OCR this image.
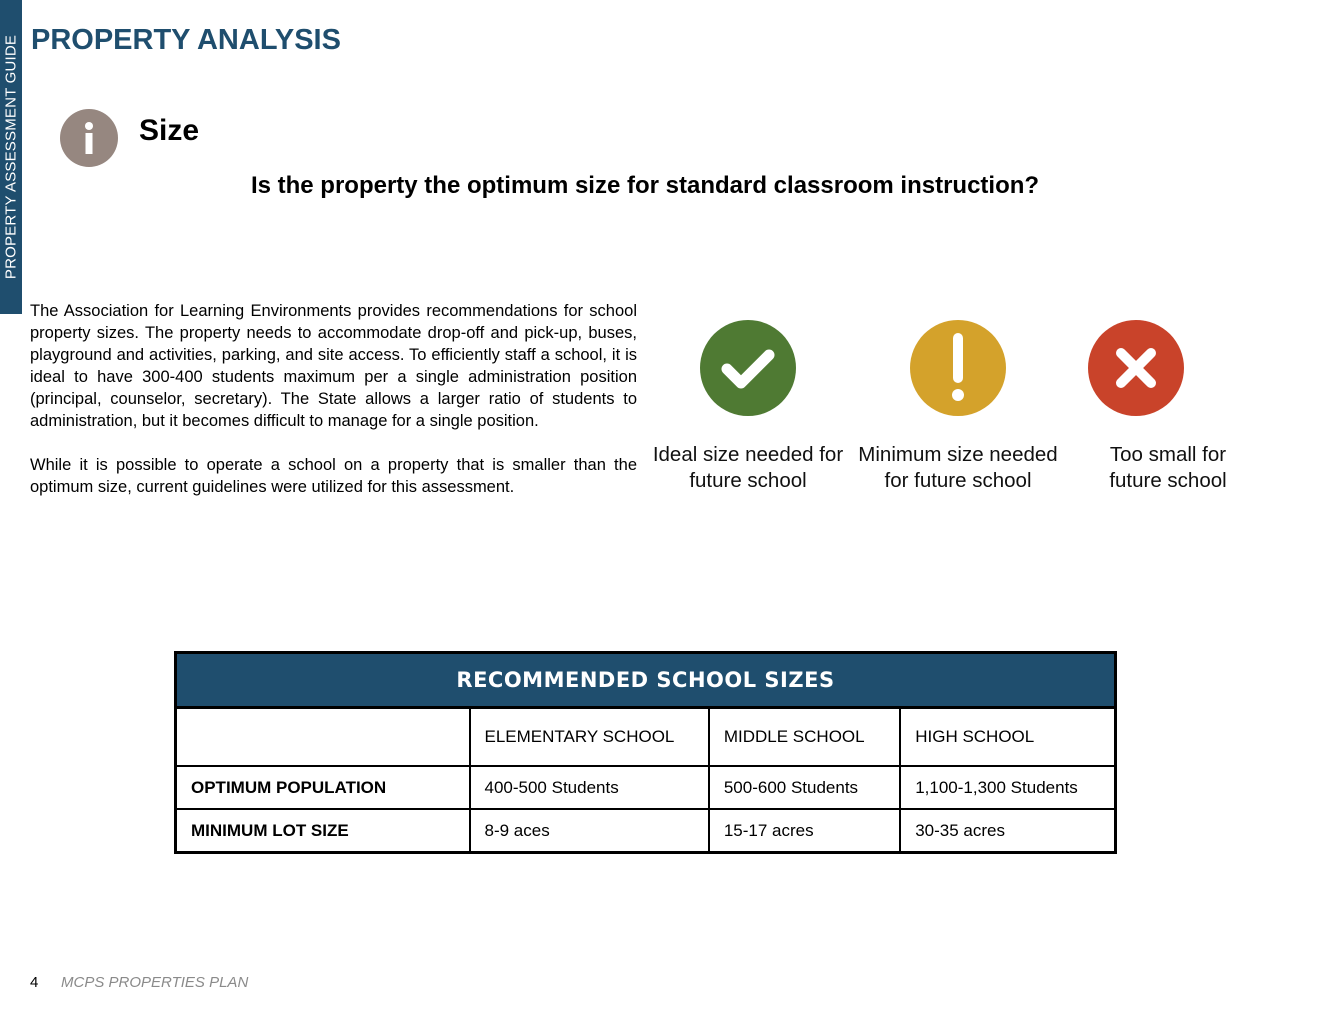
PROPERTY ASSESSMENT GUIDE PROPERTY ANALYSIS
Size

Is the property the optimum size for standard classroom instruction?

The Association for Learning Environments provides recommendations for school property sizes. The property needs to accommodate drop-off and pick-up, buses, playground and activities, parking, and site access. To efficiently staff a school, it is ideal to have 300-400 students maximum per a single administration position (principal, counselor, secretary). The State allows a larger ratio of students to administration, but it becomes difficult to manage for a single position.

While it is possible to operate a school on a property that is smaller than the optimum size, current guidelines were utilized for this assessment.

Ideal size needed for future school
Minimum size needed for future school
Too small for future school
RECOMMENDED SCHOOL SIZES			
	ELEMENTARY SCHOOL	MIDDLE SCHOOL	HIGH SCHOOL
OPTIMUM POPULATION	400-500 Students	500-600 Students	1,100-1,300 Students
MINIMUM LOT SIZE	8-9 aces	15-17 acres	30-35 acres
4 MCPS PROPERTIES PLAN
